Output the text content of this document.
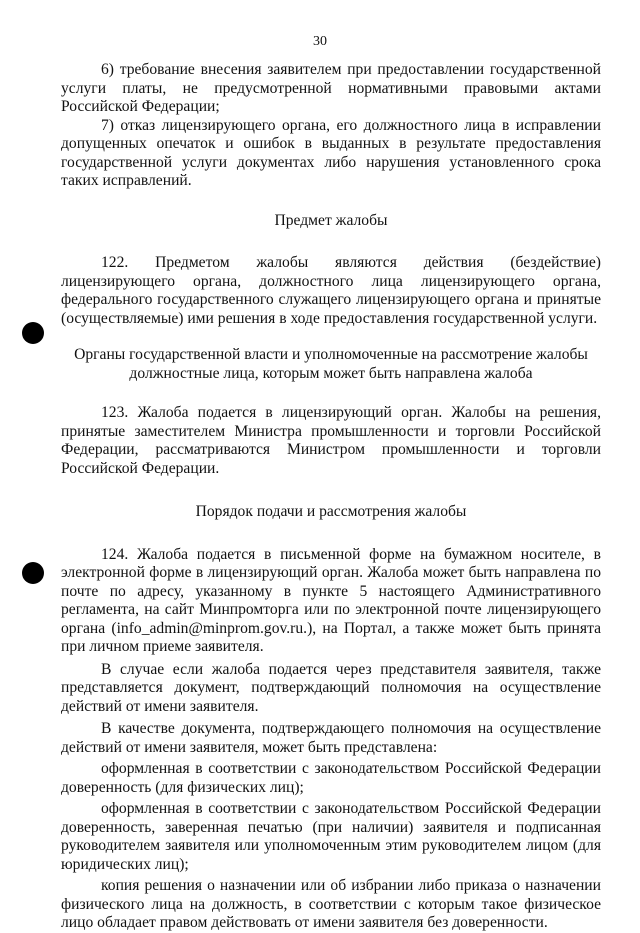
30

6) требование внесения заявителем при предоставлении государственной услуги платы, не предусмотренной нормативными правовыми актами Российской Федерации;

7) отказ лицензирующего органа, его должностного лица в исправлении допущенных опечаток и ошибок в выданных в результате предоставления государственной услуги документах либо нарушения установленного срока таких исправлений.

Предмет жалобы

122. Предметом жалобы являются действия (бездействие) лицензирующего органа, должностного лица лицензирующего органа, федерального государственного служащего лицензирующего органа и принятые (осуществляемые) ими решения в ходе предоставления государственной услуги.

Органы государственной власти и уполномоченные на рассмотрение жалобы
должностные лица, которым может быть направлена жалоба

123. Жалоба подается в лицензирующий орган. Жалобы на решения, принятые заместителем Министра промышленности и торговли Российской Федерации, рассматриваются Министром промышленности и торговли Российской Федерации.

Порядок подачи и рассмотрения жалобы

124. Жалоба подается в письменной форме на бумажном носителе, в электронной форме в лицензирующий орган. Жалоба может быть направлена по почте по адресу, указанному в пункте 5 настоящего Административного регламента, на сайт Минпромторга или по электронной почте лицензирующего органа (info_admin@minprom.gov.ru.), на Портал, а также может быть принята при личном приеме заявителя.

В случае если жалоба подается через представителя заявителя, также представляется документ, подтверждающий полномочия на осуществление действий от имени заявителя.

В качестве документа, подтверждающего полномочия на осуществление действий от имени заявителя, может быть представлена:

оформленная в соответствии с законодательством Российской Федерации доверенность (для физических лиц);

оформленная в соответствии с законодательством Российской Федерации доверенность, заверенная печатью (при наличии) заявителя и подписанная руководителем заявителя или уполномоченным этим руководителем лицом (для юридических лиц);

копия решения о назначении или об избрании либо приказа о назначении физического лица на должность, в соответствии с которым такое физическое лицо обладает правом действовать от имени заявителя без доверенности.
